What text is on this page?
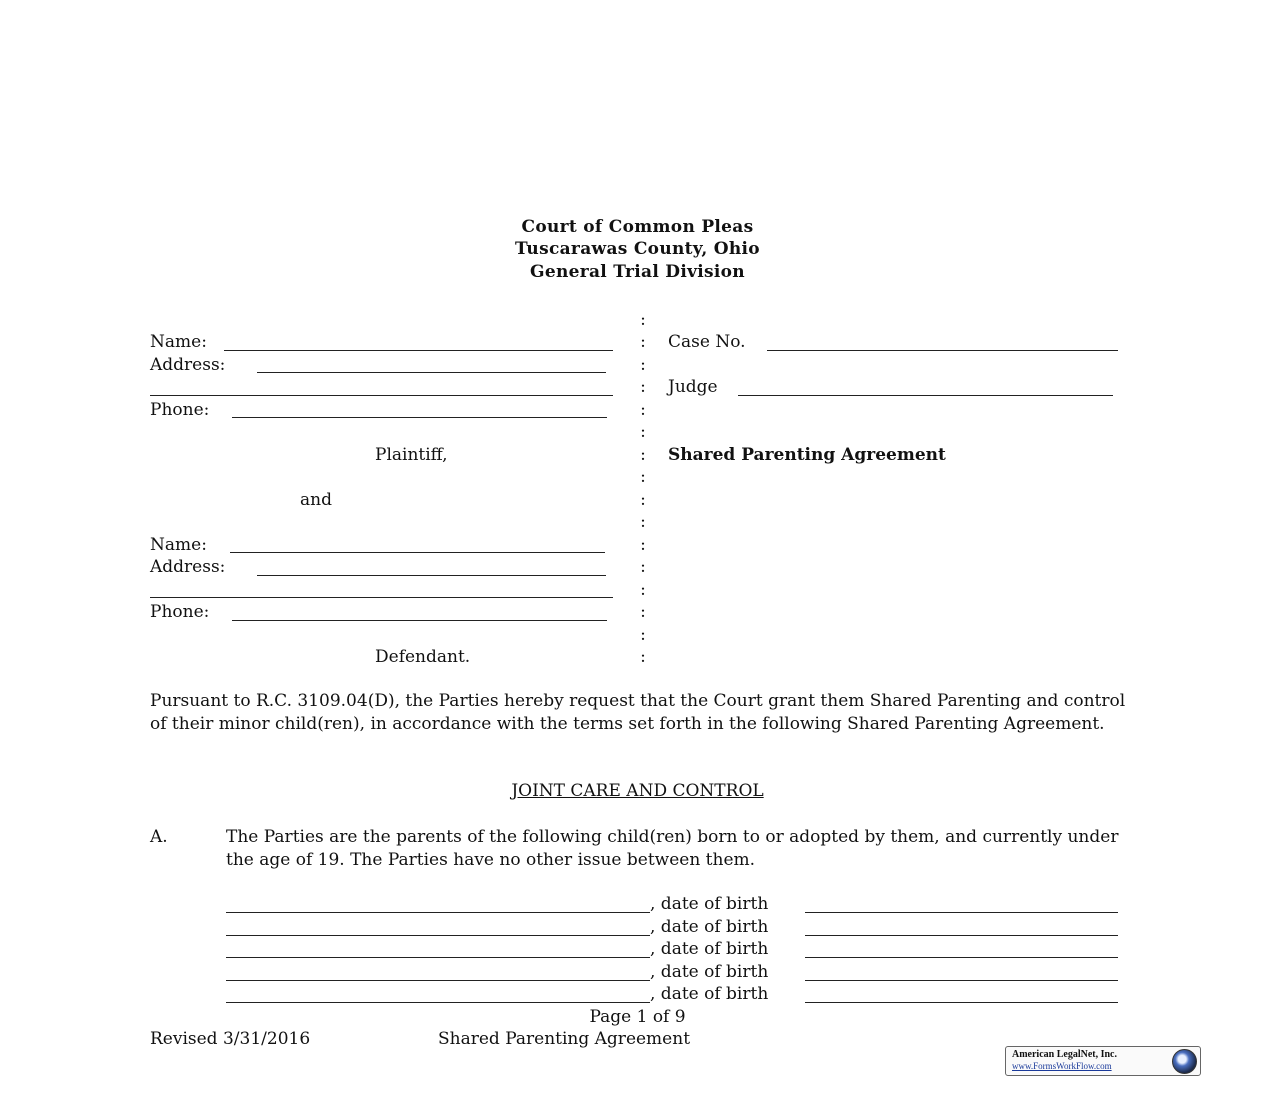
Court of Common Pleas
Tuscarawas County, Ohio
General Trial Division
:
:
:
:
:
:
:
:
:
:
:
:
:
:
:
:
Name:
Address:
Phone:
Plaintiff,
and
Name:
Address:
Phone:
Defendant.
Case No.
Judge
Shared Parenting Agreement
Pursuant to R.C. 3109.04(D), the Parties hereby request that the Court grant them Shared Parenting and control of their minor child(ren), in accordance with the terms set forth in the following Shared Parenting Agreement.
JOINT CARE AND CONTROL
A.	The Parties are the parents of the following child(ren) born to or adopted by them, and currently under the age of 19. The Parties have no other issue between them.
, date of birth
, date of birth
, date of birth
, date of birth
, date of birth
Page 1 of 9
Revised 3/31/2016	Shared Parenting Agreement
American LegalNet, Inc.
www.FormsWorkFlow.com
